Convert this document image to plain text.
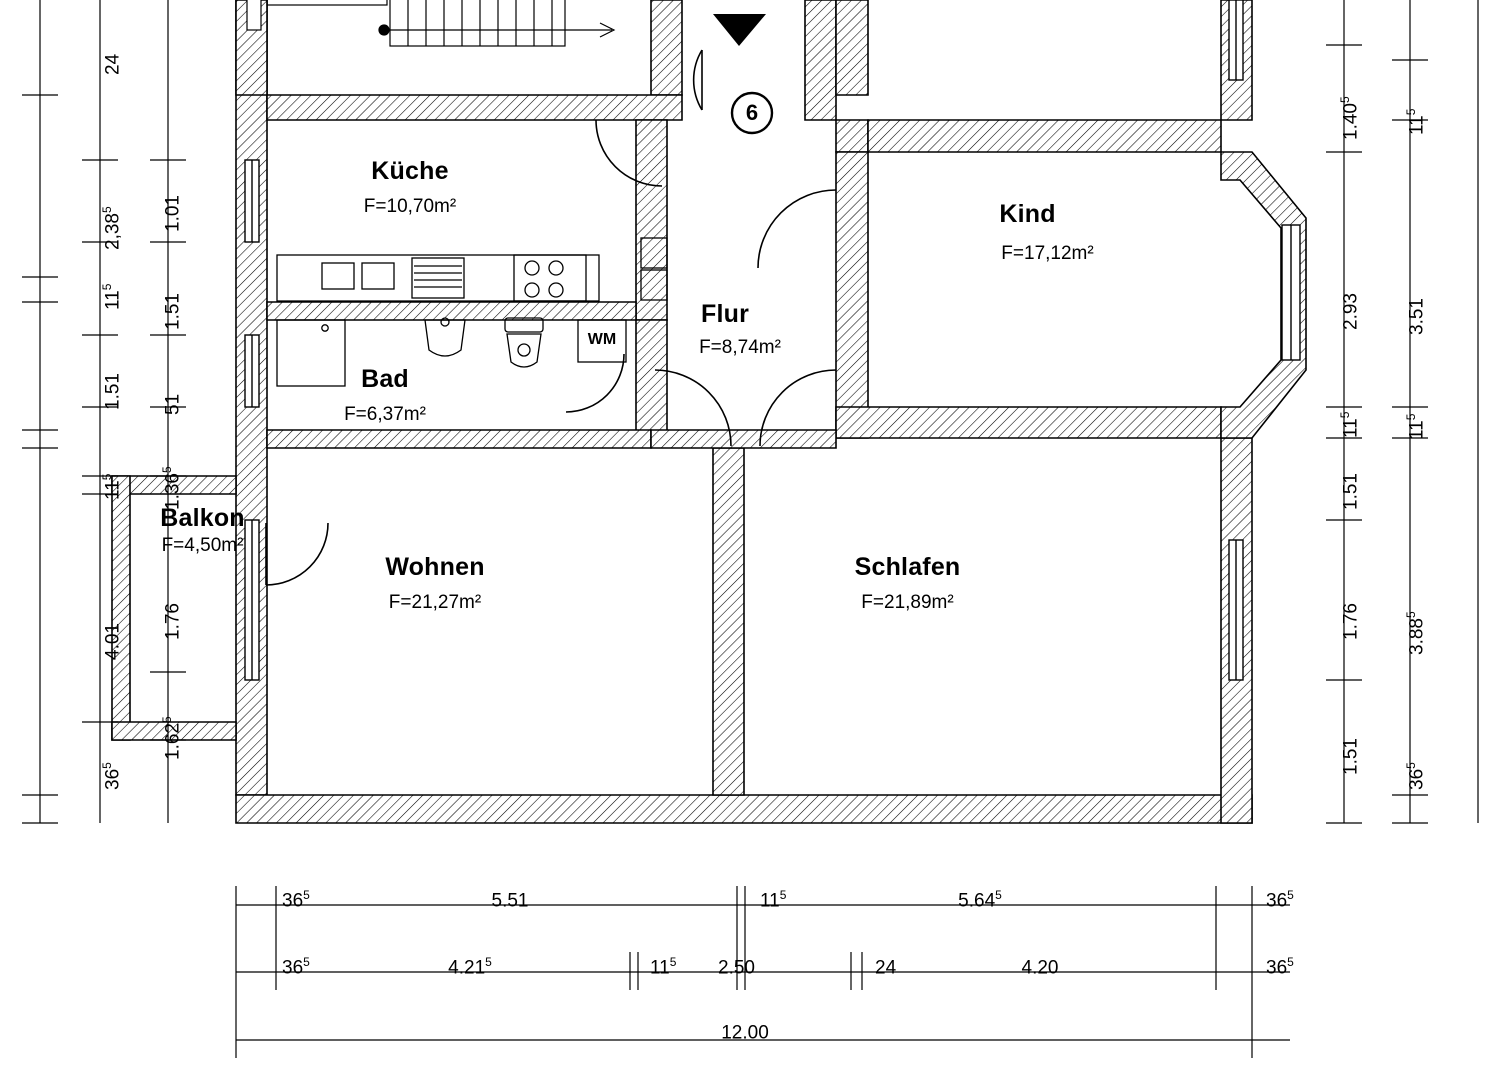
Küche
F=10,70m²
Bad
F=6,37m²
Balkon
F=4,50m²
Wohnen
F=21,27m²
Flur
F=8,74m²
Kind
F=17,12m²
Schlafen
F=21,89m²
WM
6
24
2,38$^5$
$11^5$
1.51
$11^5$
4.01
$36^5$
1.01
1.51
51
1.36$^5$
1.76
1.62$^5$
1.40$^5$
2.93
$11^5$
1.51
1.76
1.51
$11^5$
3.51
$11^5$
3.88$^5$
$36^5$
$36^5$	5.51	$11^5$	5.64$^5$	$36^5$
$36^5$	4.21$^5$	$11^5$ 2.50	24	4.20	$36^5$
12.00
